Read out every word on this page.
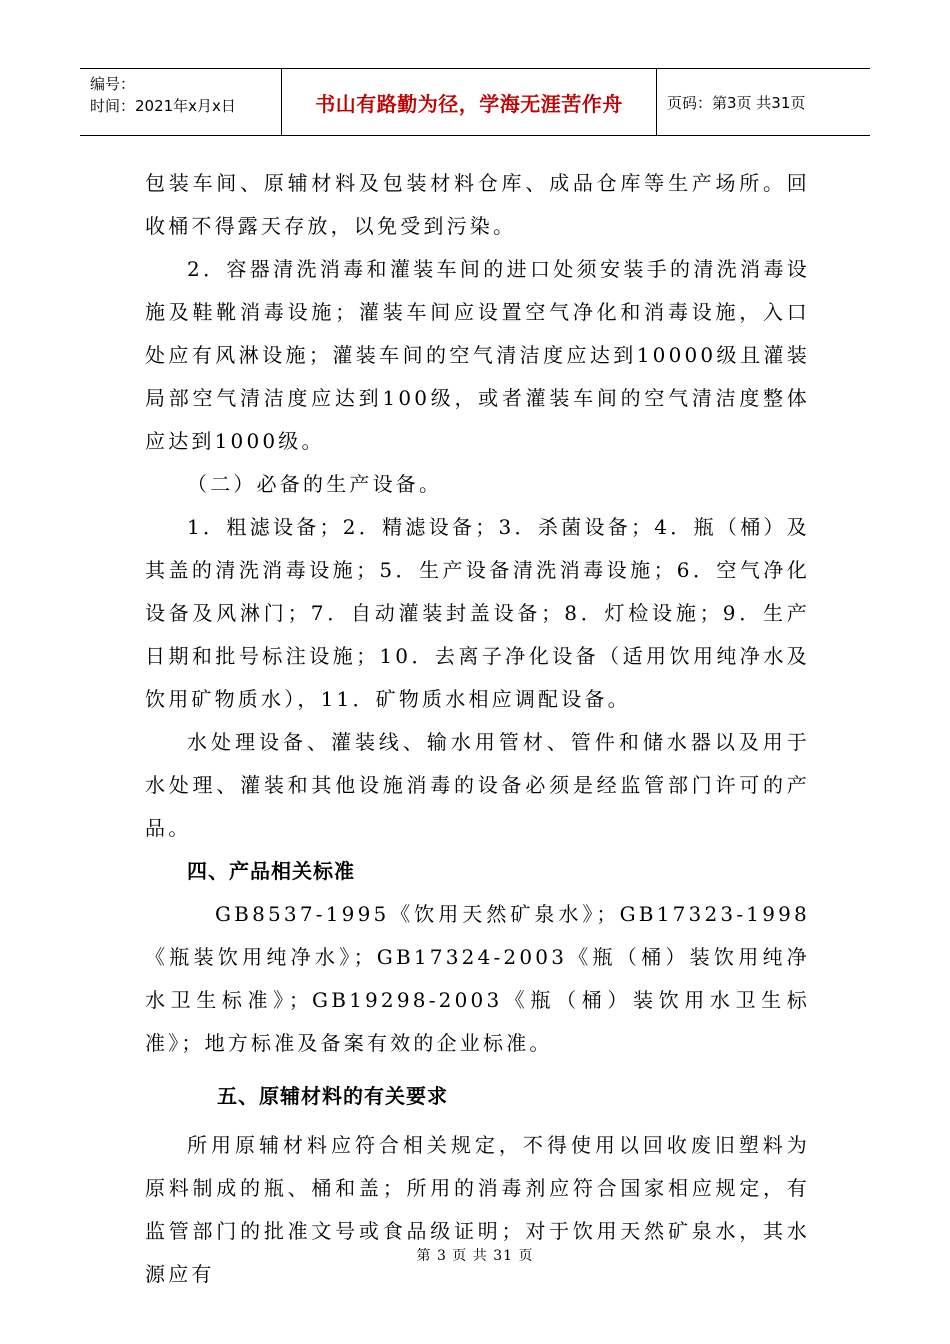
编号：
时间：2021年x月x日	书山有路勤为径，学海无涯苦作舟	页码：第3页 共31页

包装车间、原辅材料及包装材料仓库、成品仓库等生产场所。回收桶不得露天存放，以免受到污染。

2．容器清洗消毒和灌装车间的进口处须安装手的清洗消毒设施及鞋靴消毒设施；灌装车间应设置空气净化和消毒设施，入口处应有风淋设施；灌装车间的空气清洁度应达到10000级且灌装局部空气清洁度应达到100级，或者灌装车间的空气清洁度整体应达到1000级。

（二）必备的生产设备。

1．粗滤设备；2．精滤设备；3．杀菌设备；4．瓶（桶）及其盖的清洗消毒设施；5．生产设备清洗消毒设施；6．空气净化设备及风淋门；7．自动灌装封盖设备；8．灯检设施；9．生产日期和批号标注设施；10．去离子净化设备（适用饮用纯净水及饮用矿物质水），11．矿物质水相应调配设备。

水处理设备、灌装线、输水用管材、管件和储水器以及用于水处理、灌装和其他设施消毒的设备必须是经监管部门许可的产品。

四、产品相关标准

GB8537-1995《饮用天然矿泉水》；GB17323-1998《瓶装饮用纯净水》；GB17324-2003《瓶（桶）装饮用纯净水卫生标准》；GB19298-2003《瓶（桶）装饮用水卫生标准》；地方标准及备案有效的企业标准。

五、原辅材料的有关要求

所用原辅材料应符合相关规定，不得使用以回收废旧塑料为原料制成的瓶、桶和盖；所用的消毒剂应符合国家相应规定，有监管部门的批准文号或食品级证明；对于饮用天然矿泉水，其水源应有

第 3 页 共 31 页
